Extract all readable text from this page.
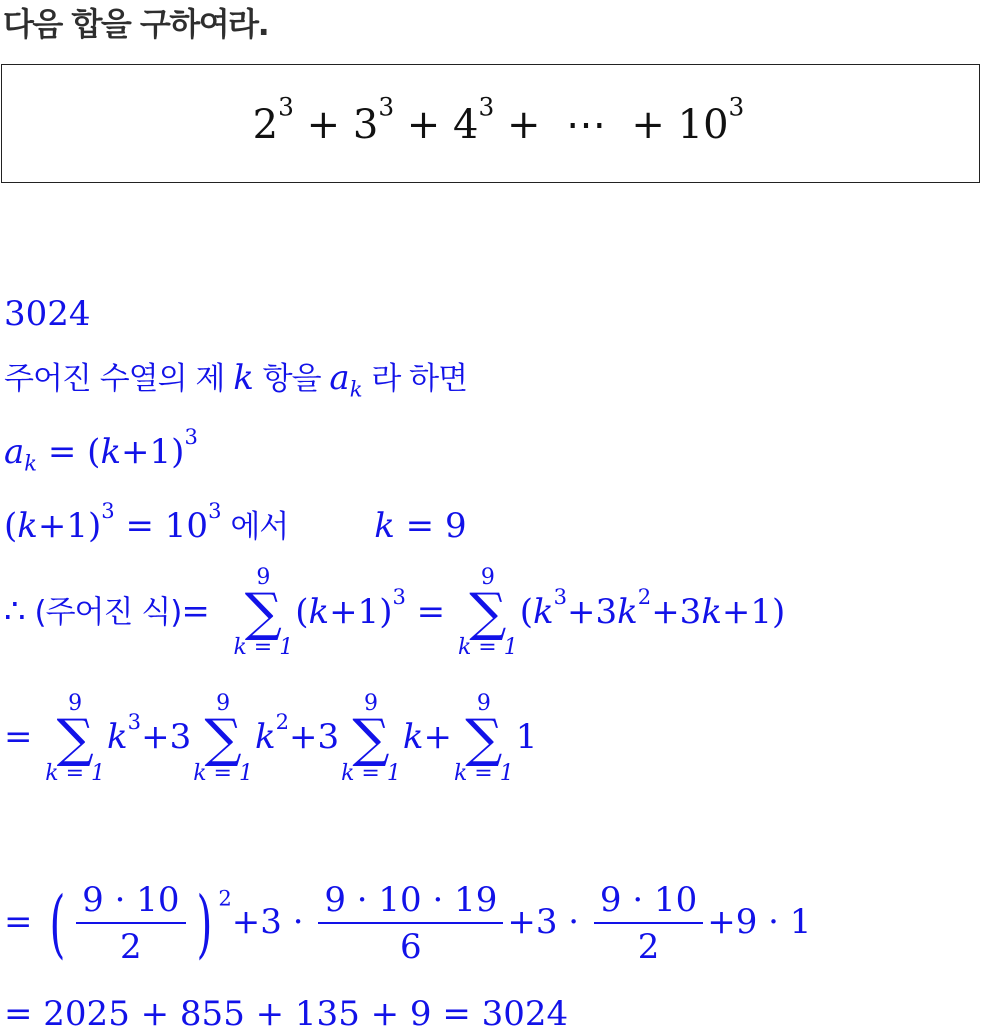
다음 합을 구하여라.
$2^3 + 3^3 + 4^3$ +  ⋯  + $10^3$
3024
주어진 수열의 제 k 항을 $a_k$ 라 하면
$a_k = (k+1)^3$
$(k+1)^3 = 10^3$ 에서	k = 9
∴ (주어진 식)=
9
∑
k = 1
$(k+1)^3$ =
9
∑
k = 1
$(k^3+3k^2+3k+1)$
=
9
∑
k = 1
$k^3+3$
9
∑
k = 1
$k^2+3$
9
∑
k = 1
k+
9
∑
k = 1
1
= ( $\frac{9 \cdot 10}{2}$ ) $^2+3 \cdot \frac{9 \cdot 10 \cdot 19}{6} +3 \cdot \frac{9 \cdot 10}{2} +9 \cdot 1$
= 2025 + 855 + 135 + 9 = 3024
